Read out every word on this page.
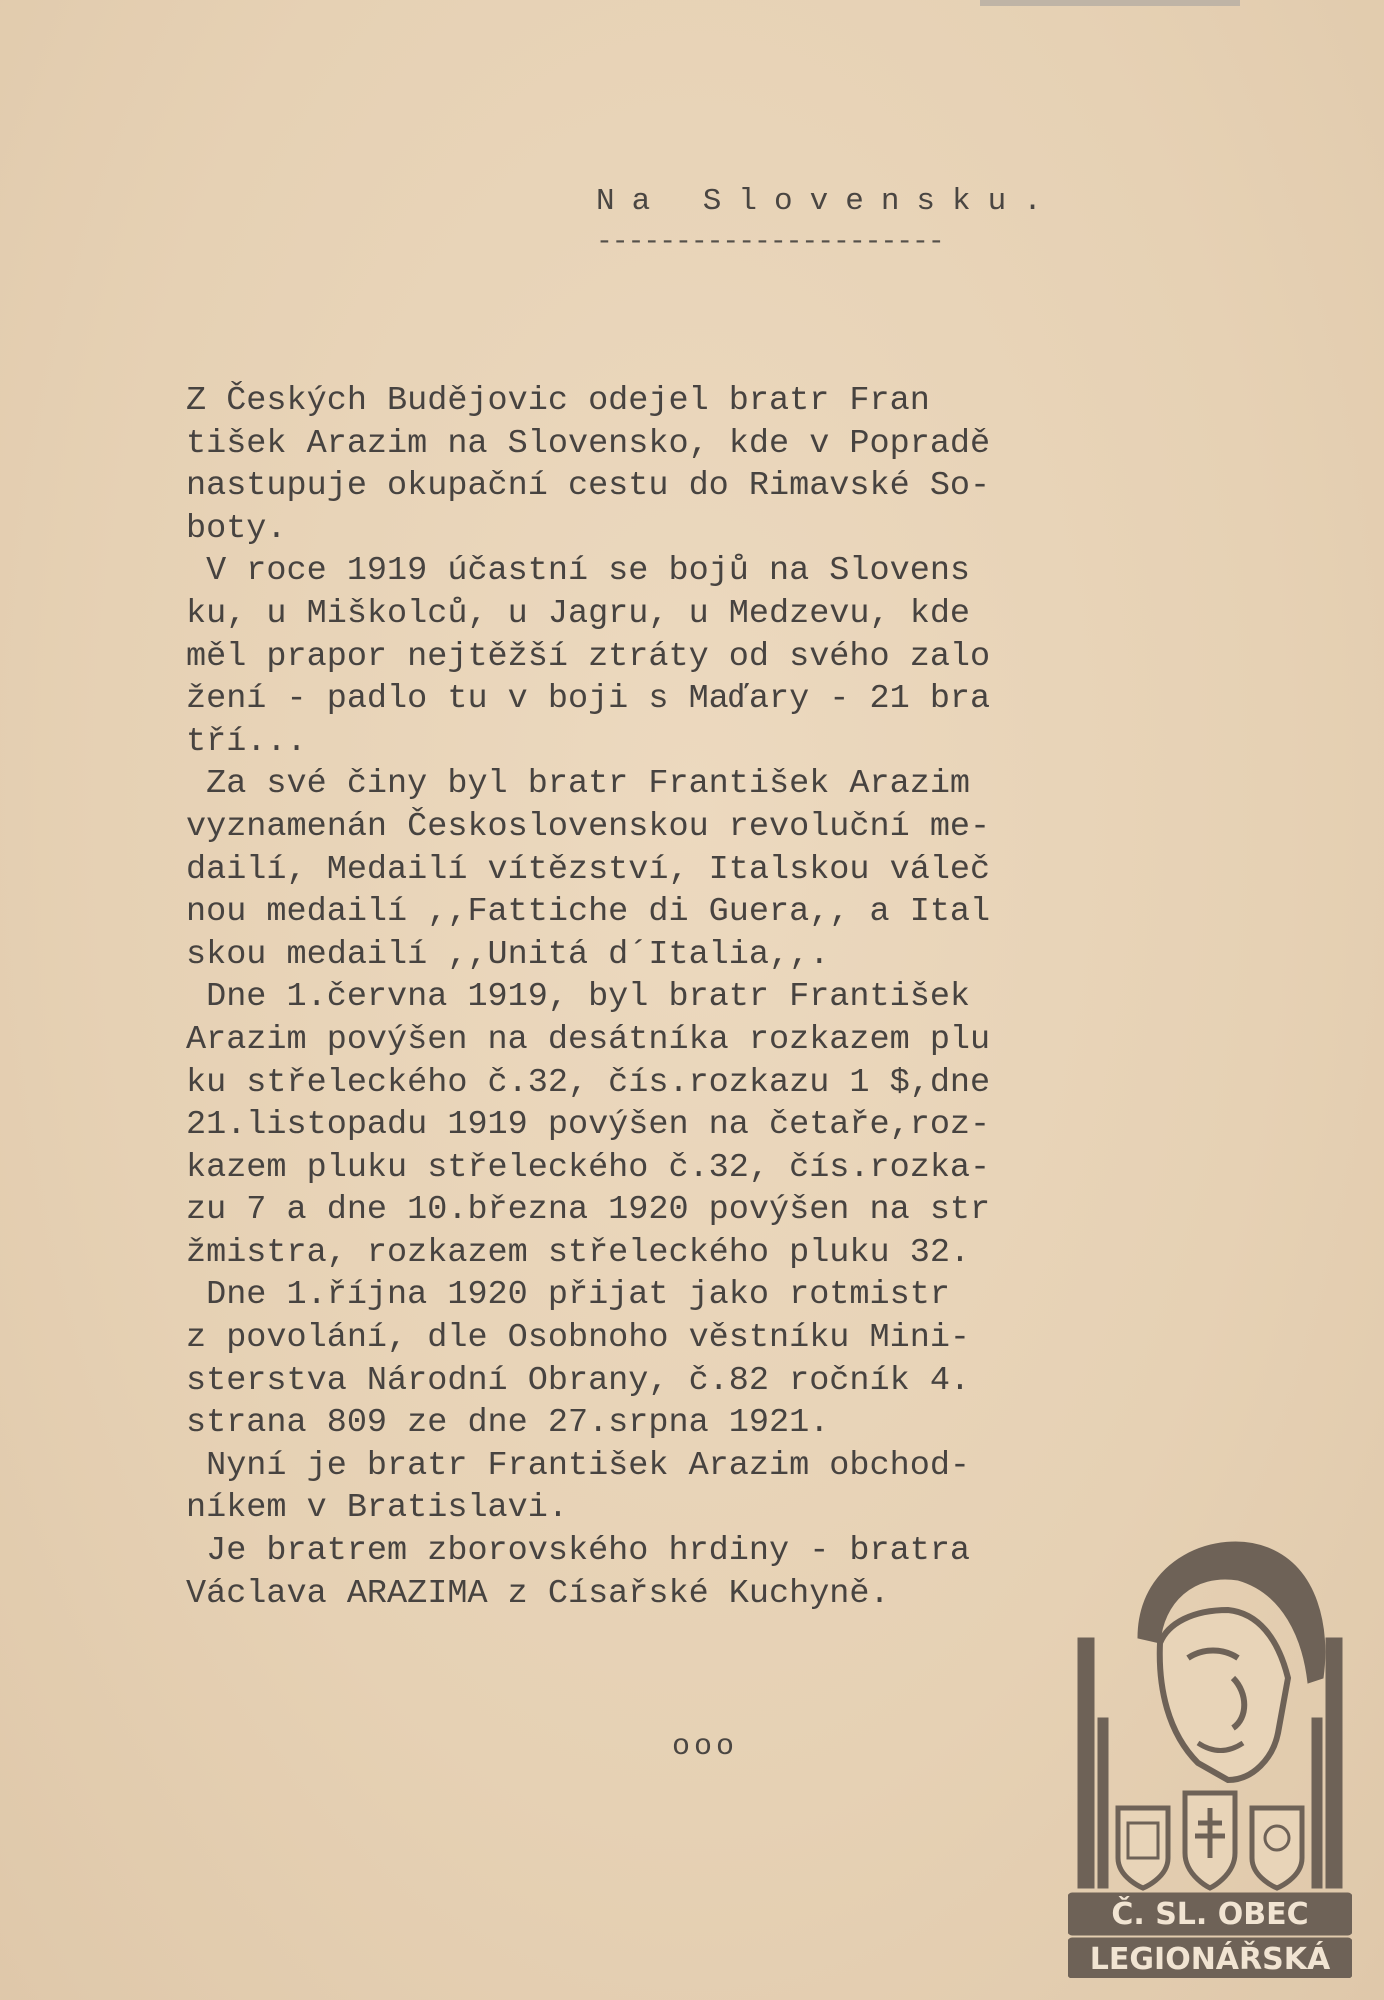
Na Slovensku.
----------------------
Z Českých Budějovic odejel bratr Fran
tišek Arazim na Slovensko, kde v Popradě
nastupuje okupační cestu do Rimavské So-
boty.
V roce 1919 účastní se bojů na Slovens
ku, u Miškolců, u Jagru, u Medzevu, kde
měl prapor nejtěžší ztráty od svého zalo
žení - padlo tu v boji s Maďary - 21 bra
tří...
Za své činy byl bratr František Arazim
vyznamenán Československou revoluční me-
dailí, Medailí vítězství, Italskou váleč
nou medailí ,,Fattiche di Guera,, a Ital
skou medailí ,,Unitá d´Italia,,.
Dne 1.června 1919, byl bratr František
Arazim povýšen na desátníka rozkazem plu
ku střeleckého č.32, čís.rozkazu 1 $,dne
21.listopadu 1919 povýšen na četaře,roz-
kazem pluku střeleckého č.32, čís.rozka-
zu 7 a dne 10.března 1920 povýšen na str
žmistra, rozkazem střeleckého pluku 32.
Dne 1.října 1920 přijat jako rotmistr
z povolání, dle Osobnoho věstníku Mini-
sterstva Národní Obrany, č.82 ročník 4.
strana 809 ze dne 27.srpna 1921.
Nyní je bratr František Arazim obchod-
níkem v Bratislavi.
Je bratrem zborovského hrdiny - bratra
Václava ARAZIMA z Císařské Kuchyně.
ooo
Č. SL. OBEC
LEGIONÁŘSKÁ
